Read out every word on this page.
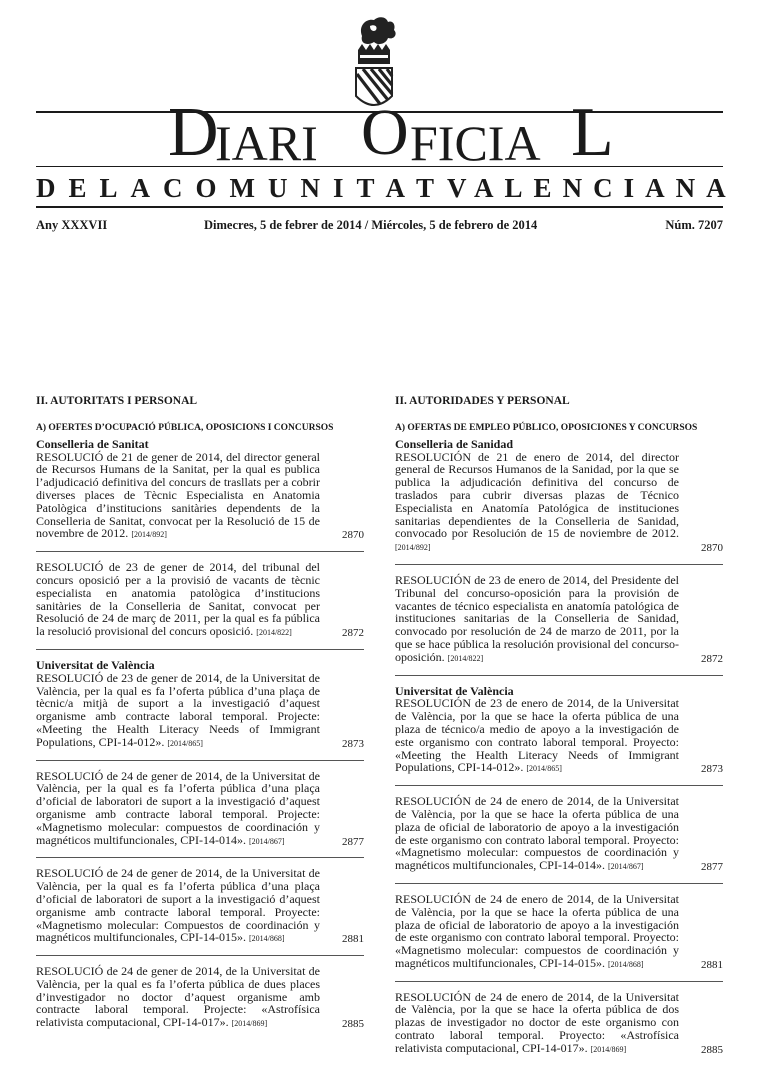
D
IARI O FICIA L
DE LA COMUNITAT VALENCIANA
Any XXXVII	Dimecres, 5 de febrer de 2014 / Miércoles, 5 de febrero de 2014	Núm. 7207
II. AUTORITATS I PERSONAL
A) OFERTES D’OCUPACIÓ PÚBLICA, OPOSICIONS I CONCURSOS
Conselleria de Sanitat
RESOLUCIÓ de 21 de gener de 2014, del director general de Recursos Humans de la Sanitat, per la qual es publica l’adjudicació definitiva del concurs de trasllats per a cobrir diverses places de Tècnic Especialista en Anatomia Patològica d’institucions sanitàries dependents de la Conselleria de Sanitat, convocat per la Resolució de 15 de novembre de 2012. [2014/892]	2870
RESOLUCIÓ de 23 de gener de 2014, del tribunal del concurs oposició per a la provisió de vacants de tècnic especialista en anatomia patològica d’institucions sanitàries de la Conselleria de Sanitat, convocat per Resolució de 24 de març de 2011, per la qual es fa pública la resolució provisional del concurs oposició. [2014/822]	2872
Universitat de València
RESOLUCIÓ de 23 de gener de 2014, de la Universitat de València, per la qual es fa l’oferta pública d’una plaça de tècnic/a mitjà de suport a la investigació d’aquest organisme amb contracte laboral temporal. Projecte: «Meeting the Health Literacy Needs of Immigrant Populations, CPI-14-012». [2014/865]	2873
RESOLUCIÓ de 24 de gener de 2014, de la Universitat de València, per la qual es fa l’oferta pública d’una plaça d’oficial de laboratori de suport a la investigació d’aquest organisme amb contracte laboral temporal. Projecte: «Magnetismo molecular: compuestos de coordinación y magnéticos multifuncionales, CPI-14-014». [2014/867]	2877
RESOLUCIÓ de 24 de gener de 2014, de la Universitat de València, per la qual es fa l’oferta pública d’una plaça d’oficial de laboratori de suport a la investigació d’aquest organisme amb contracte laboral temporal. Proyecte: «Magnetismo molecular: Compuestos de coordinación y magnéticos multifuncionales, CPI-14-015». [2014/868]	2881
RESOLUCIÓ de 24 de gener de 2014, de la Universitat de València, per la qual es fa l’oferta pública de dues places d’investigador no doctor d’aquest organisme amb contracte laboral temporal. Projecte: «Astrofísica relativista computacional, CPI-14-017». [2014/869]	2885
II. AUTORIDADES Y PERSONAL
A) OFERTAS DE EMPLEO PÚBLICO, OPOSICIONES Y CONCURSOS
Conselleria de Sanidad
RESOLUCIÓN de 21 de enero de 2014, del director general de Recursos Humanos de la Sanidad, por la que se publica la adjudicación definitiva del concurso de traslados para cubrir diversas plazas de Técnico Especialista en Anatomía Patológica de instituciones sanitarias dependientes de la Conselleria de Sanidad, convocado por Resolución de 15 de noviembre de 2012. [2014/892]	2870
RESOLUCIÓN de 23 de enero de 2014, del Presidente del Tribunal del concurso-oposición para la provisión de vacantes de técnico especialista en anatomía patológica de instituciones sanitarias de la Conselleria de Sanidad, convocado por resolución de 24 de marzo de 2011, por la que se hace pública la resolución provisional del concurso-oposición. [2014/822]	2872
Universitat de València
RESOLUCIÓN de 23 de enero de 2014, de la Universitat de València, por la que se hace la oferta pública de una plaza de técnico/a medio de apoyo a la investigación de este organismo con contrato laboral temporal. Proyecto: «Meeting the Health Literacy Needs of Immigrant Populations, CPI-14-012». [2014/865]	2873
RESOLUCIÓN de 24 de enero de 2014, de la Universitat de València, por la que se hace la oferta pública de una plaza de oficial de laboratorio de apoyo a la investigación de este organismo con contrato laboral temporal. Proyecto: «Magnetismo molecular: compuestos de coordinación y magnéticos multifuncionales, CPI-14-014». [2014/867]	2877
RESOLUCIÓN de 24 de enero de 2014, de la Universitat de València, por la que se hace la oferta pública de una plaza de oficial de laboratorio de apoyo a la investigación de este organismo con contrato laboral temporal. Proyecto: «Magnetismo molecular: compuestos de coordinación y magnéticos multifuncionales, CPI-14-015». [2014/868]	2881
RESOLUCIÓN de 24 de enero de 2014, de la Universitat de València, por la que se hace la oferta pública de dos plazas de investigador no doctor de este organismo con contrato laboral temporal. Proyecto: «Astrofísica relativista computacional, CPI-14-017». [2014/869]	2885
